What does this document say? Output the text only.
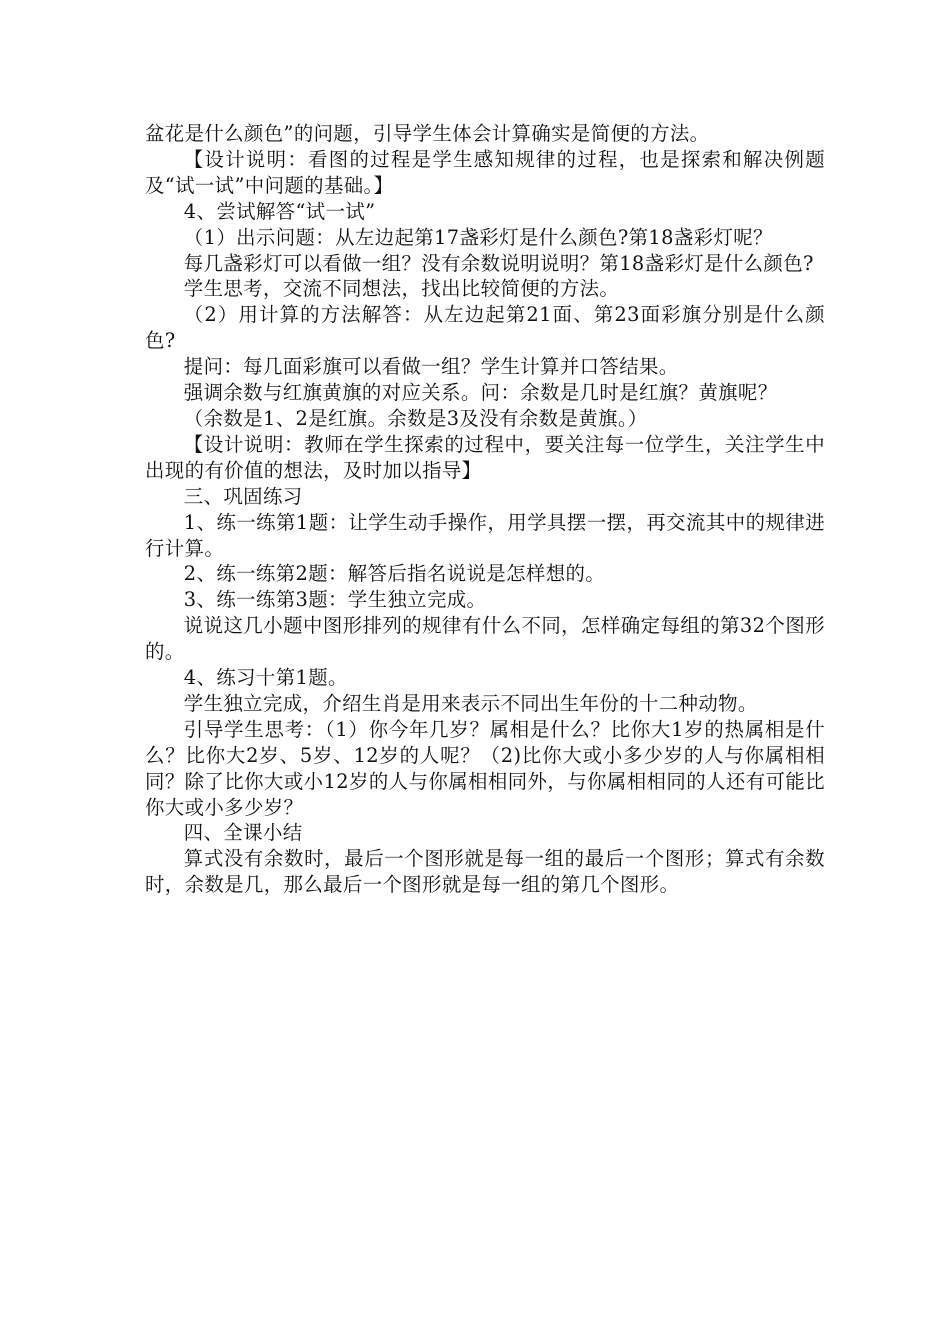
盆花是什么颜色”的问题，引导学生体会计算确实是简便的方法。

【设计说明：看图的过程是学生感知规律的过程，也是探索和解决例题及“试一试”中问题的基础。】

4、尝试解答“试一试”

（1）出示问题：从左边起第17盏彩灯是什么颜色?第18盏彩灯呢？

每几盏彩灯可以看做一组？没有余数说明说明？第18盏彩灯是什么颜色?

学生思考，交流不同想法，找出比较简便的方法。

（2）用计算的方法解答：从左边起第21面、第23面彩旗分别是什么颜色?

提问：每几面彩旗可以看做一组？学生计算并口答结果。

强调余数与红旗黄旗的对应关系。问：余数是几时是红旗？黄旗呢？

（余数是1、2是红旗。余数是3及没有余数是黄旗。）

【设计说明：教师在学生探索的过程中，要关注每一位学生，关注学生中出现的有价值的想法，及时加以指导】

三、巩固练习

1、练一练第1题：让学生动手操作，用学具摆一摆，再交流其中的规律进行计算。

2、练一练第2题：解答后指名说说是怎样想的。

3、练一练第3题：学生独立完成。

说说这几小题中图形排列的规律有什么不同，怎样确定每组的第32个图形的。

4、练习十第1题。

学生独立完成，介绍生肖是用来表示不同出生年份的十二种动物。

引导学生思考：（1）你今年几岁？属相是什么？比你大1岁的热属相是什么？比你大2岁、5岁、12岁的人呢？（2)比你大或小多少岁的人与你属相相同？除了比你大或小12岁的人与你属相相同外，与你属相相同的人还有可能比你大或小多少岁？

四、全课小结

算式没有余数时，最后一个图形就是每一组的最后一个图形；算式有余数时，余数是几，那么最后一个图形就是每一组的第几个图形。
